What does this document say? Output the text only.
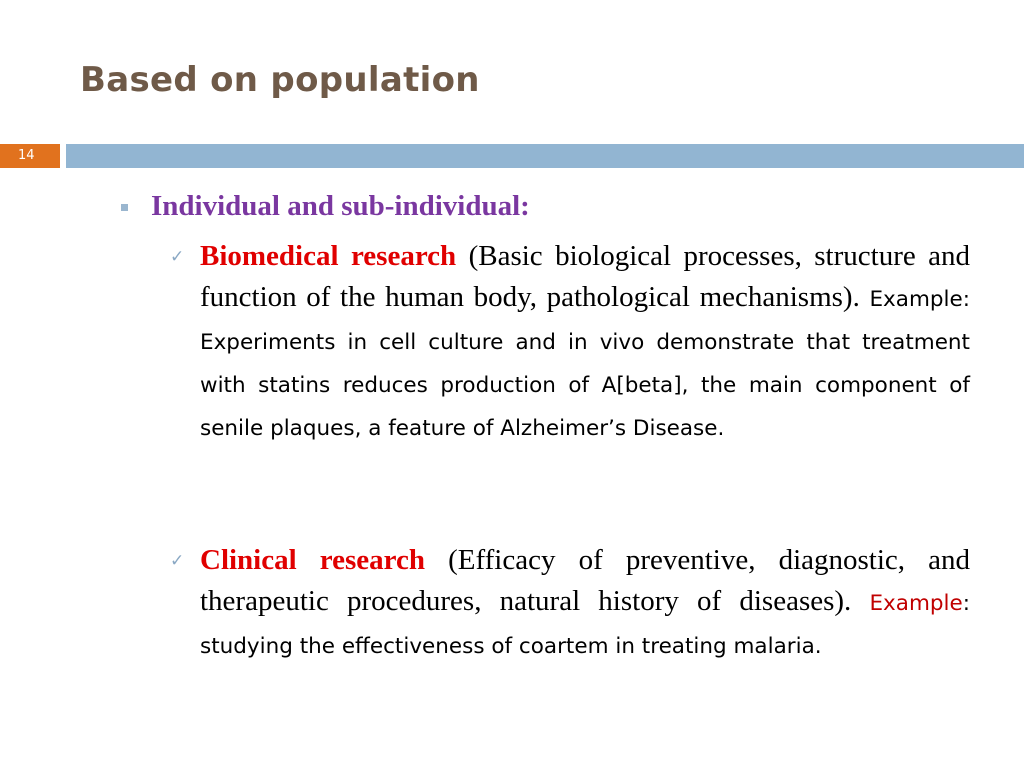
Based on population
14
Individual and sub-individual:
✓ Biomedical research (Basic biological processes, structure and function of the human body, pathological mechanisms). Example: Experiments in cell culture and in vivo demonstrate that treatment with statins reduces production of A[beta], the main component of senile plaques, a feature of Alzheimer’s Disease.
✓ Clinical research (Efficacy of preventive, diagnostic, and therapeutic procedures, natural history of diseases). Example: studying the effectiveness of coartem in treating malaria.
